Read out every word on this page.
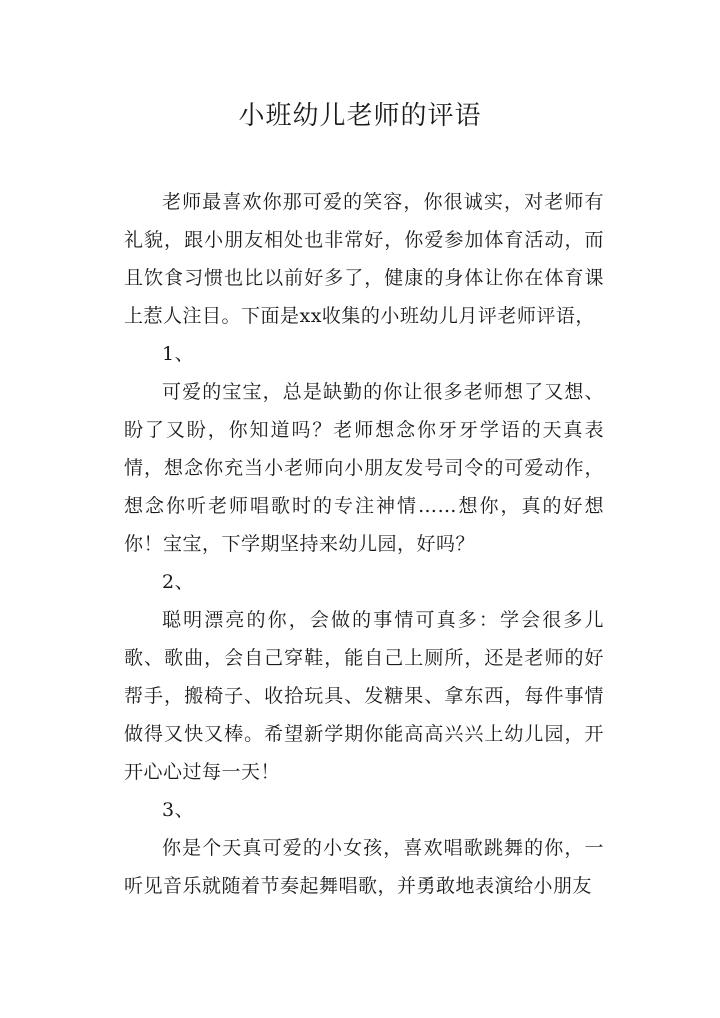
小班幼儿老师的评语

老师最喜欢你那可爱的笑容，你很诚实，对老师有礼貌，跟小朋友相处也非常好，你爱参加体育活动，而且饮食习惯也比以前好多了，健康的身体让你在体育课上惹人注目。下面是xx收集的小班幼儿月评老师评语，

1、

可爱的宝宝，总是缺勤的你让很多老师想了又想、盼了又盼，你知道吗？老师想念你牙牙学语的天真表情，想念你充当小老师向小朋友发号司令的可爱动作，想念你听老师唱歌时的专注神情……想你，真的好想你！宝宝，下学期坚持来幼儿园，好吗？

2、

聪明漂亮的你，会做的事情可真多：学会很多儿歌、歌曲，会自己穿鞋，能自己上厕所，还是老师的好帮手，搬椅子、收拾玩具、发糖果、拿东西，每件事情做得又快又棒。希望新学期你能高高兴兴上幼儿园，开开心心过每一天！

3、

你是个天真可爱的小女孩，喜欢唱歌跳舞的你，一听见音乐就随着节奏起舞唱歌，并勇敢地表演给小朋友
